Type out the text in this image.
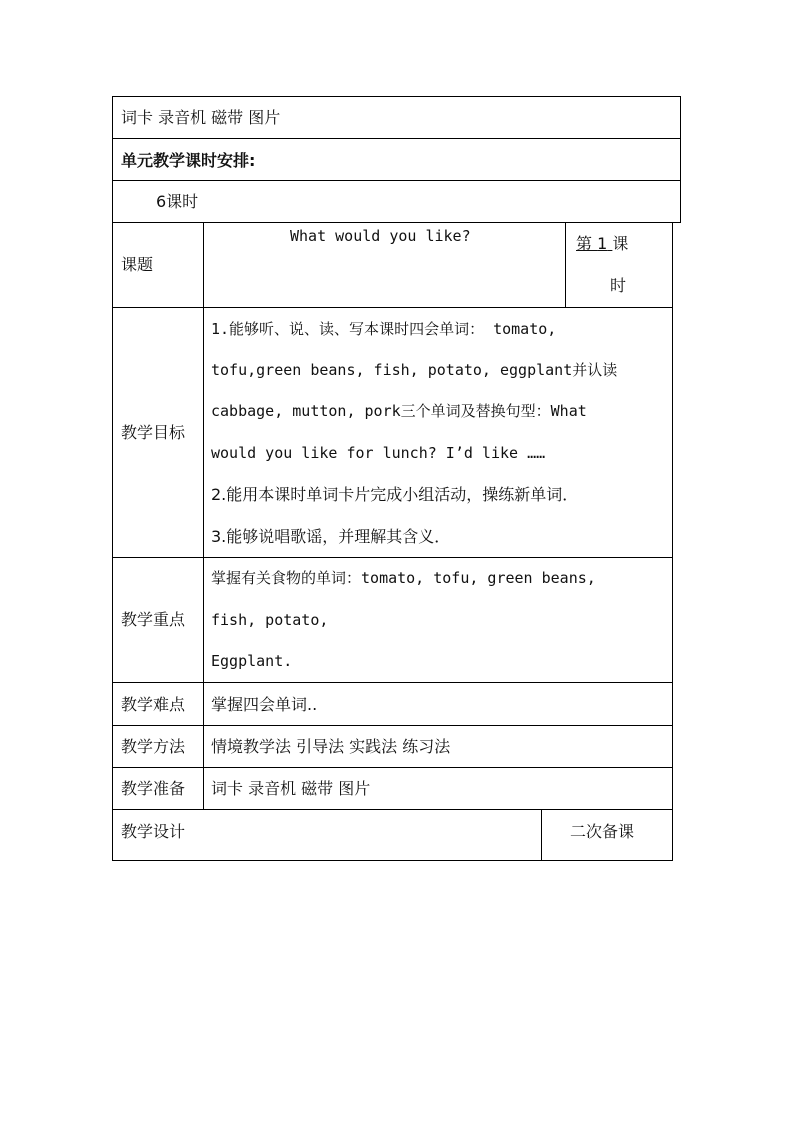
词卡 录音机 磁带 图片
单元教学课时安排:
6课时
课题
What would you like?	第 1 课
时
教学目标
1.能够听、说、读、写本课时四会单词： tomato,
tofu,green beans, fish, potato, eggplant并认读
cabbage, mutton, pork三个单词及替换句型：What
would you like for lunch? I’d like ……
2.能用本课时单词卡片完成小组活动，操练新单词．
3.能够说唱歌谣，并理解其含义．
教学重点
掌握有关食物的单词：tomato, tofu, green beans,
fish, potato,
Eggplant.
教学难点 掌握四会单词..
教学方法 情境教学法 引导法 实践法 练习法
教学准备 词卡 录音机 磁带 图片
教学设计	二次备课
